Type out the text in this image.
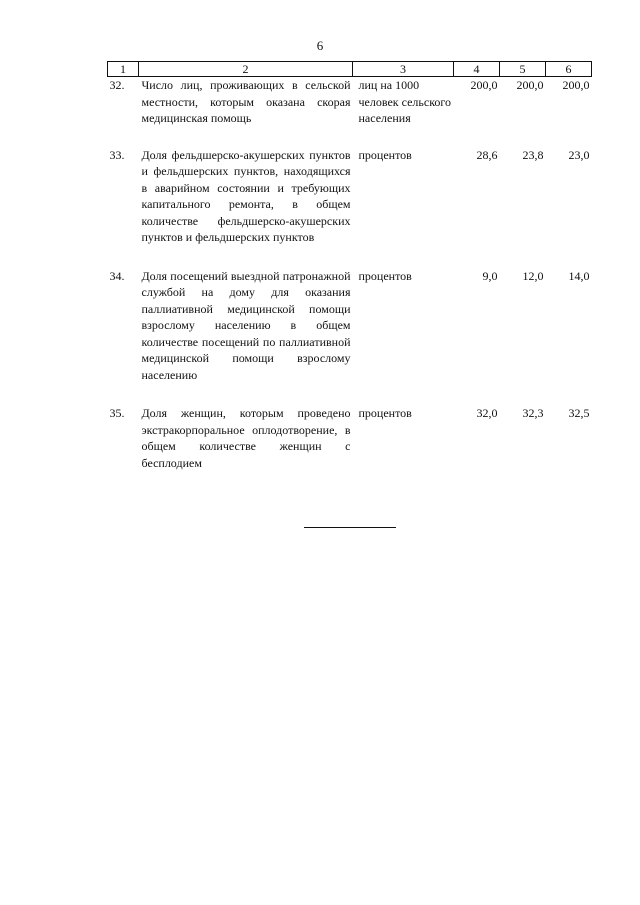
6
1	2	3	4	5	6
32.	Число лиц, проживающих в сельской местности, которым оказана скорая медицинская помощь	лиц на 1000 человек сельского населения	200,0	200,0	200,0
33.	Доля фельдшерско-акушерских пунктов и фельдшерских пунктов, находящихся в аварийном состоянии и требующих капитального ремонта, в общем количестве фельдшерско-акушерских пунктов и фельдшерских пунктов	процентов	28,6	23,8	23,0
34.	Доля посещений выездной патронажной службой на дому для оказания паллиативной медицинской помощи взрослому населению в общем количестве посещений по паллиативной медицинской помощи взрослому населению	процентов	9,0	12,0	14,0
35.	Доля женщин, которым проведено экстракорпоральное оплодотворение, в общем количестве женщин с бесплодием	процентов	32,0	32,3	32,5
